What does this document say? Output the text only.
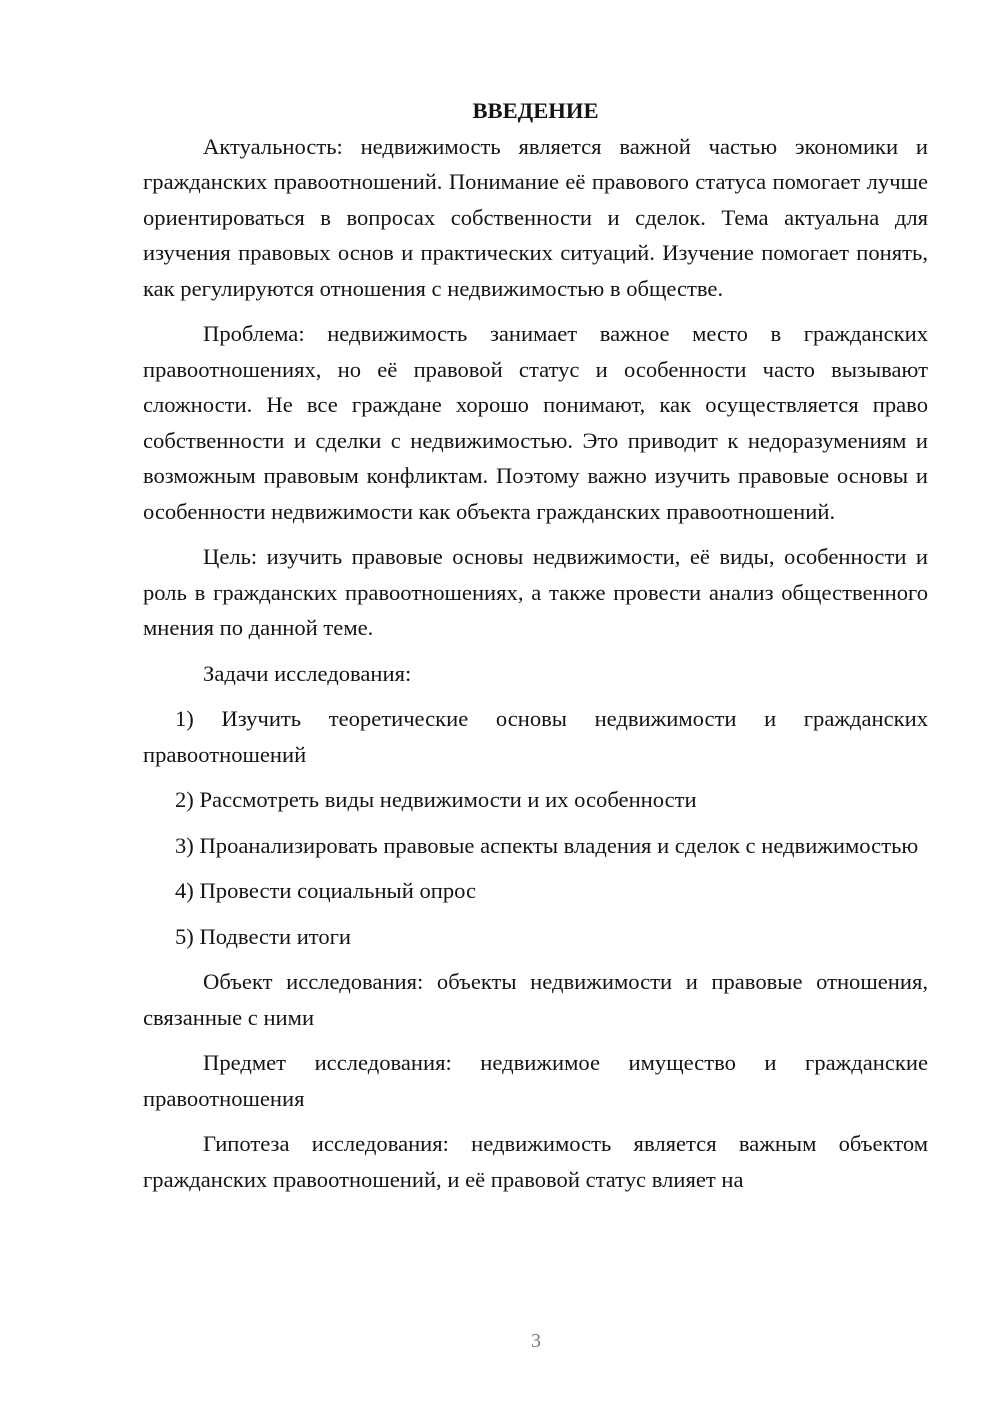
ВВЕДЕНИЕ

Актуальность: недвижимость является важной частью экономики и гражданских правоотношений. Понимание её правового статуса помогает лучше ориентироваться в вопросах собственности и сделок. Тема актуальна для изучения правовых основ и практических ситуаций. Изучение помогает понять, как регулируются отношения с недвижимостью в обществе.

Проблема: недвижимость занимает важное место в гражданских правоотношениях, но её правовой статус и особенности часто вызывают сложности. Не все граждане хорошо понимают, как осуществляется право собственности и сделки с недвижимостью. Это приводит к недоразумениям и возможным правовым конфликтам. Поэтому важно изучить правовые основы и особенности недвижимости как объекта гражданских правоотношений.

Цель: изучить правовые основы недвижимости, её виды, особенности и роль в гражданских правоотношениях, а также провести анализ общественного мнения по данной теме.

Задачи исследования:

1) Изучить теоретические основы недвижимости и гражданских правоотношений

2) Рассмотреть виды недвижимости и их особенности

3) Проанализировать правовые аспекты владения и сделок с недвижимостью

4) Провести социальный опрос

5) Подвести итоги

Объект исследования: объекты недвижимости и правовые отношения, связанные с ними

Предмет исследования: недвижимое имущество и гражданские правоотношения

Гипотеза исследования: недвижимость является важным объектом гражданских правоотношений, и её правовой статус влияет на

3
